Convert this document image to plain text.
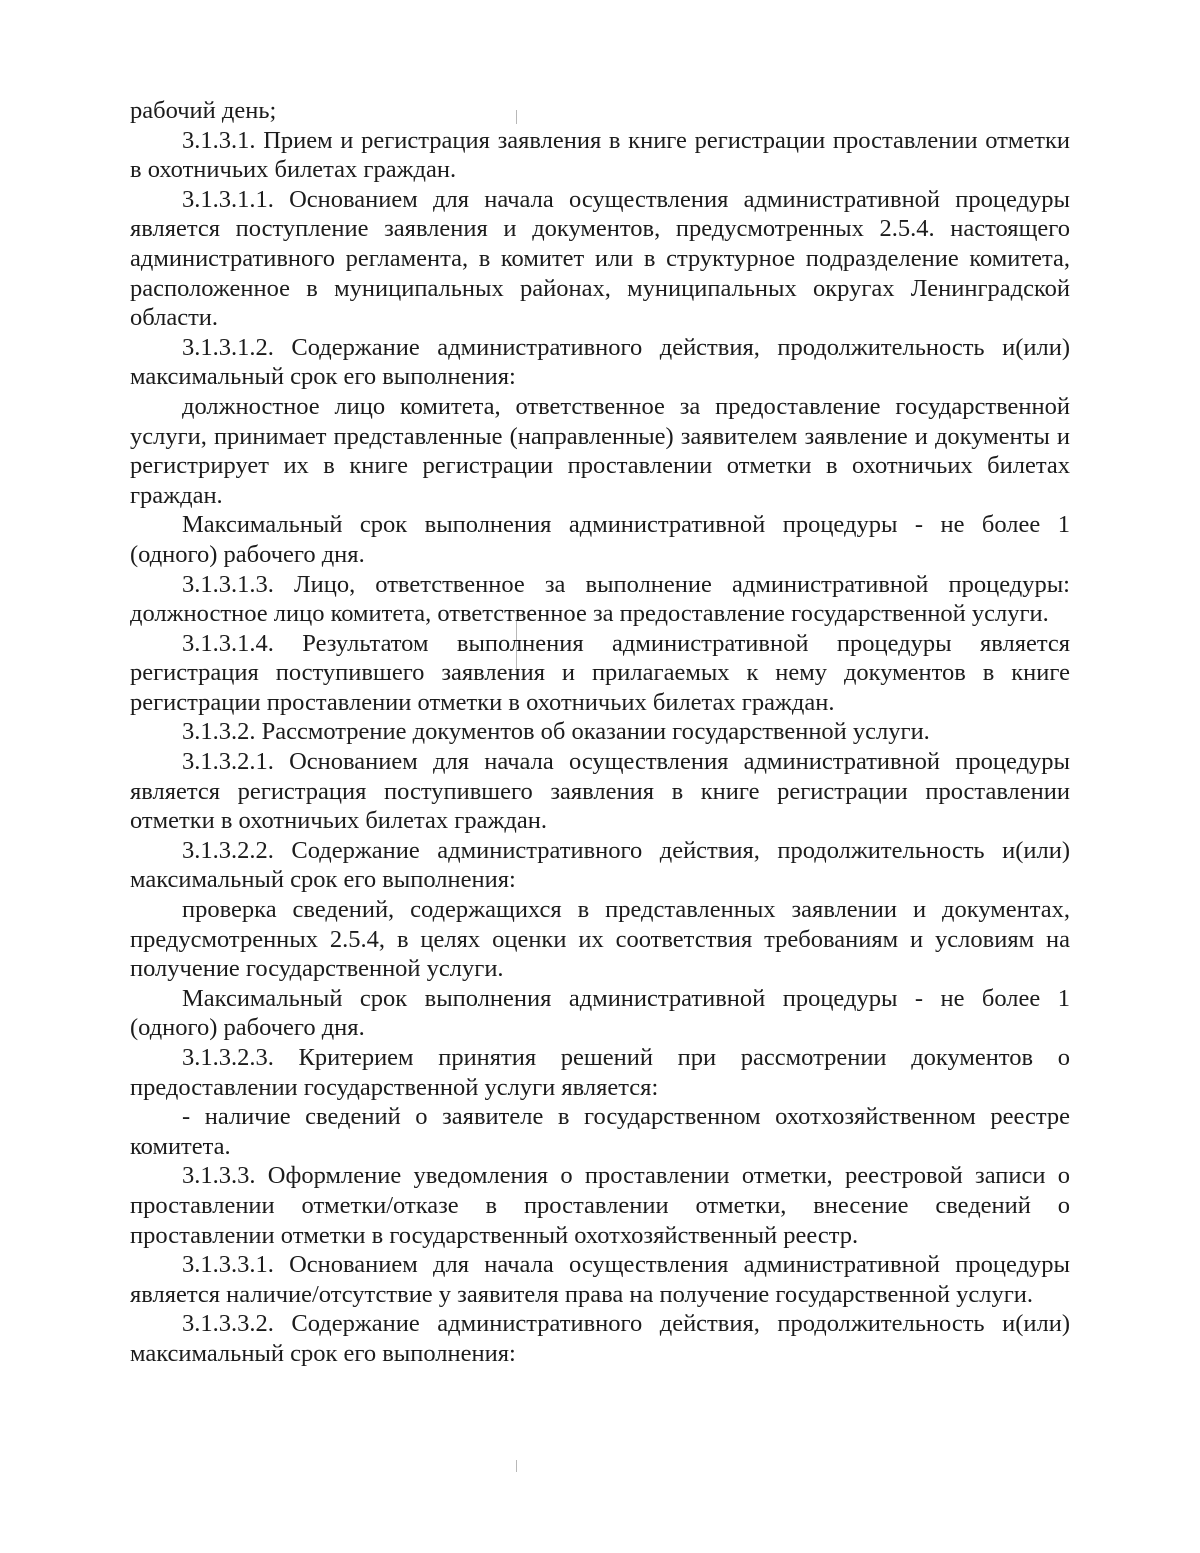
рабочий день;

3.1.3.1. Прием и регистрация заявления в книге регистрации проставлении отметки в охотничьих билетах граждан.

3.1.3.1.1. Основанием для начала осуществления административной процедуры является поступление заявления и документов, предусмотренных 2.5.4. настоящего административного регламента, в комитет или в структурное подразделение комитета, расположенное в муниципальных районах, муниципальных округах Ленинградской области.

3.1.3.1.2. Содержание административного действия, продолжительность и(или) максимальный срок его выполнения:

должностное лицо комитета, ответственное за предоставление государственной услуги, принимает представленные (направленные) заявителем заявление и документы и регистрирует их в книге регистрации проставлении отметки в охотничьих билетах граждан.

Максимальный срок выполнения административной процедуры - не более 1 (одного) рабочего дня.

3.1.3.1.3. Лицо, ответственное за выполнение административной процедуры: должностное лицо комитета, ответственное за предоставление государственной услуги.

3.1.3.1.4. Результатом выполнения административной процедуры является регистрация поступившего заявления и прилагаемых к нему документов в книге регистрации проставлении отметки в охотничьих билетах граждан.

3.1.3.2. Рассмотрение документов об оказании государственной услуги.

3.1.3.2.1. Основанием для начала осуществления административной процедуры является регистрация поступившего заявления в книге регистрации проставлении отметки в охотничьих билетах граждан.

3.1.3.2.2. Содержание административного действия, продолжительность и(или) максимальный срок его выполнения:

проверка сведений, содержащихся в представленных заявлении и документах, предусмотренных 2.5.4, в целях оценки их соответствия требованиям и условиям на получение государственной услуги.

Максимальный срок выполнения административной процедуры - не более 1 (одного) рабочего дня.

3.1.3.2.3. Критерием принятия решений при рассмотрении документов о предоставлении государственной услуги является:

- наличие сведений о заявителе в государственном охотхозяйственном реестре комитета.

3.1.3.3. Оформление уведомления о проставлении отметки, реестровой записи о проставлении отметки/отказе в проставлении отметки, внесение сведений о проставлении отметки в государственный охотхозяйственный реестр.

3.1.3.3.1. Основанием для начала осуществления административной процедуры является наличие/отсутствие у заявителя права на получение государственной услуги.

3.1.3.3.2. Содержание административного действия, продолжительность и(или) максимальный срок его выполнения:
